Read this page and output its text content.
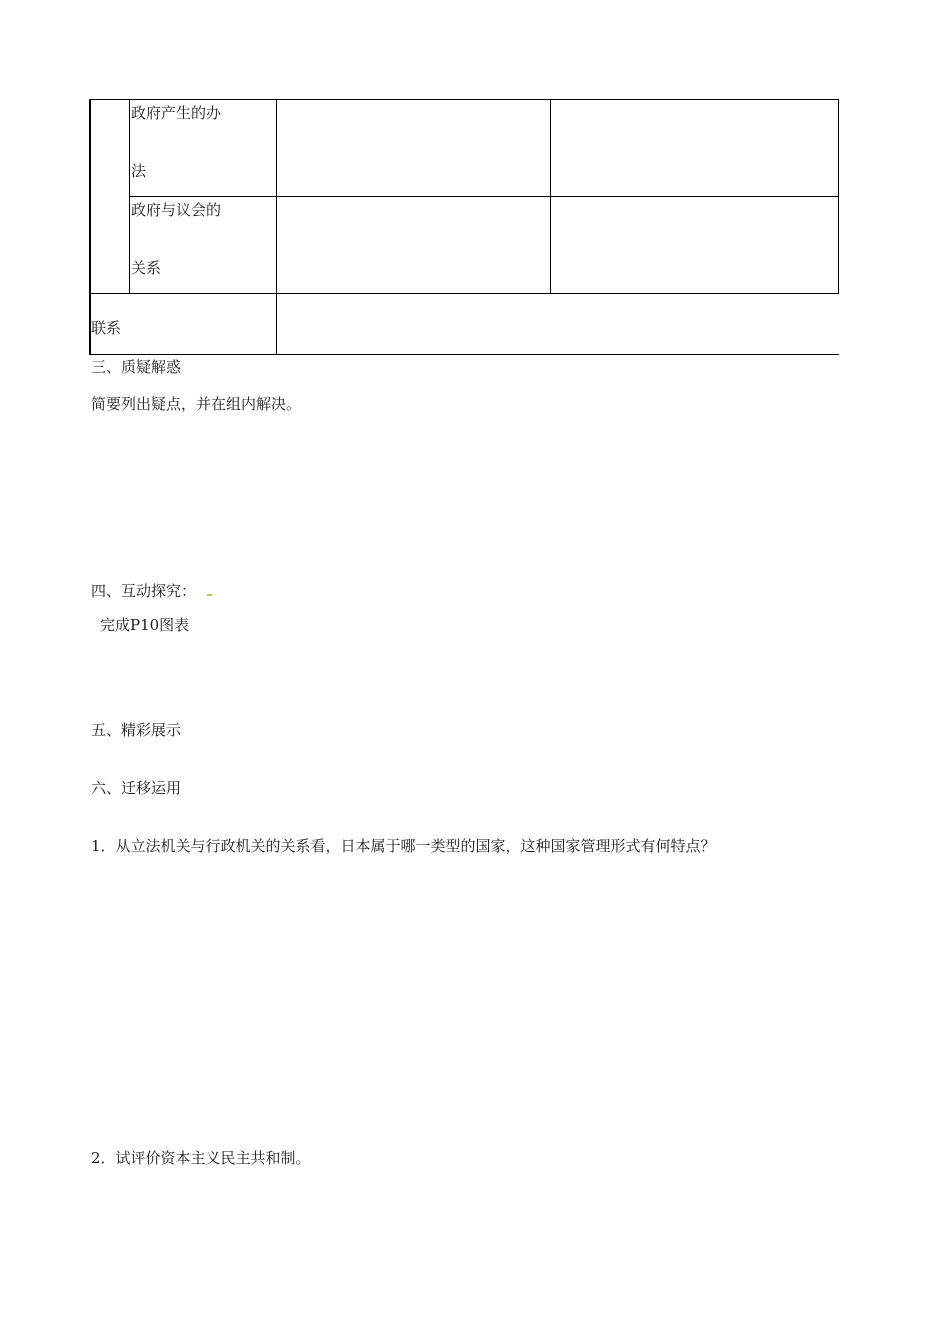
政府产生的办
法
政府与议会的
关系
联系
三、质疑解惑
简要列出疑点，并在组内解决。
四、互动探究：
完成P10图表
五、精彩展示
六、迁移运用
1．从立法机关与行政机关的关系看，日本属于哪一类型的国家，这种国家管理形式有何特点？
2．试评价资本主义民主共和制。
